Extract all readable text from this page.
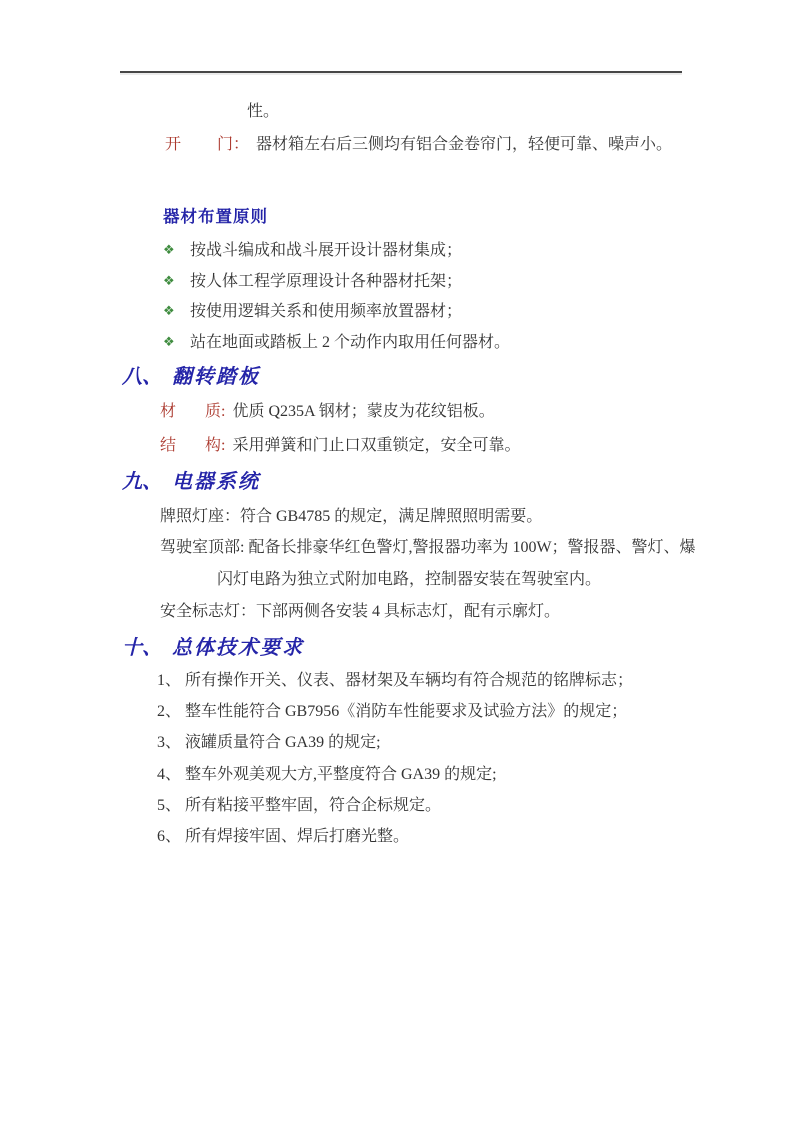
性。
开 门： 器材箱左右后三侧均有铝合金卷帘门，轻便可靠、噪声小。
器材布置原则
❖ 按战斗编成和战斗展开设计器材集成；
❖ 按人体工程学原理设计各种器材托架；
❖ 按使用逻辑关系和使用频率放置器材；
❖ 站在地面或踏板上 2 个动作内取用任何器材。
八、 翻转踏板
材 质: 优质 Q235A 钢材；蒙皮为花纹铝板。
结 构: 采用弹簧和门止口双重锁定，安全可靠。
九、 电器系统
牌照灯座：符合 GB4785 的规定，满足牌照照明需要。
驾驶室顶部: 配备长排豪华红色警灯,警报器功率为 100W；警报器、警灯、爆
闪灯电路为独立式附加电路，控制器安装在驾驶室内。
安全标志灯：下部两侧各安装 4 具标志灯，配有示廓灯。
十、 总体技术要求
1、 所有操作开关、仪表、器材架及车辆均有符合规范的铭牌标志；
2、 整车性能符合 GB7956《消防车性能要求及试验方法》的规定；
3、 液罐质量符合 GA39 的规定;
4、 整车外观美观大方,平整度符合 GA39 的规定;
5、 所有粘接平整牢固，符合企标规定。
6、 所有焊接牢固、焊后打磨光整。
